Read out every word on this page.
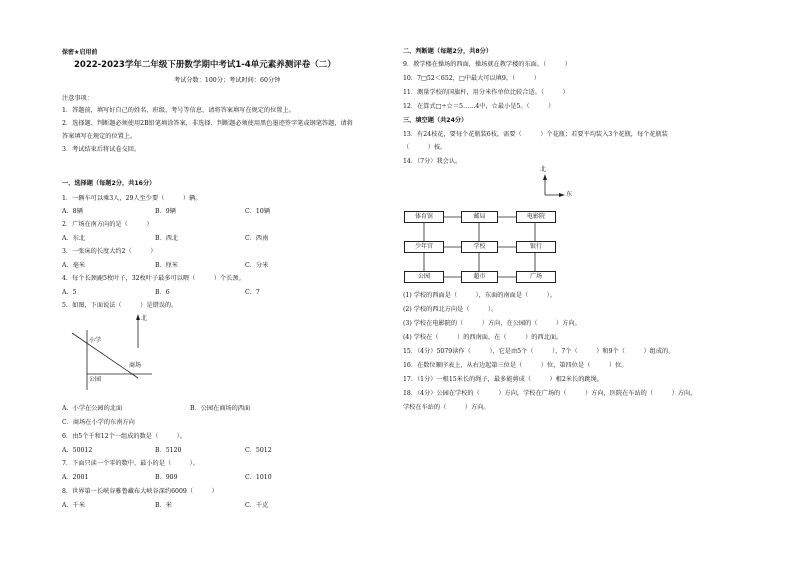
保密★启用前
2022-2023学年二年级下册数学期中考试1-4单元素养测评卷（二）
考试分数：100分；考试时间：60分钟
注意事项：
1．答题前，填写好自己的姓名、班级、考号等信息，请将答案填写在规定的位置上。
2．选择题、判断题必须使用2B铅笔填涂答案，非选择、判断题必须使用黑色墨迹签字笔或钢笔答题，请将
答案填写在规定的位置上。
3．考试结束后将试卷交回。
一、选择题（每题2分，共16分）
1．一辆车可以乘3人，29人至少要（　　　）辆。
A．8辆	B．9辆	C．10辆
2．广场在南方向的是（　　　）
A．东北	B．西北	C．西南
3．一张床的长度大约2（　　　）
A．毫米	B．厘米	C．分米
4．每个长颈鹿5枚叶子，32枚叶子最多可以喂（　　　）个长颈。
A．5	B．6	C．7
5．如图，下面说法（　　　）是错误的。
北
小学
公园
商场
A．小学在公园的北面	B．公园在商场的西面
C．商场在小学的东南方向
6．由5个千和12个一组成的数是（　　　）。
A．50012	B．5120	C．5012
7．下面只读一个零的数中，最小的是（　　　）。
A．2001	B．909	C．1010
8．世界第一长峡谷雅鲁藏布大峡谷深约6009（　　　）
A．千米	B．米	C．千克
二、判断题（每题2分，共8分）
9．教学楼在操场的西面，操场就在教学楼的东面。（　　　）
10．7□52＜652，□中最大可以填9。（　　　）
11．测量学校的国旗杆，用分米作单位比较合适。（　　　）
12．在算式□÷☆＝5……4中，☆最小是5。（　　　）
三、填空题（共24分）
13．有24枝花，要每个花瓶装6枝，需要（　　　）个花瓶；若要平均装入3个花瓶，每个花瓶装
（　　　）枝。
14．（7分）我会认。
北
东
体育馆	邮局	电影院
少年宫	学校	银行
公园	超市	广场
(1) 学校的西面是（　　　），东面的南面是（　　　）。
(2) 学校的西北方向是（　　　）。
(3) 学校在电影院的（　　　）方向，在公园的（　　　）方向。
(4) 学校在（　　　）的西南面，在（　　　）的西北面。
15．（4分）5079读作（　　　），它是由5个（　　　），7个（　　　）和9个（　　　）组成的。
16．在数位顺序表上，从右边起第三位是（　　　）位，第四位是（　　　）位。
17．（1分）一根15米长的绳子，最多能剪成（　　　）根2米长的跳绳。
18．（4分）公园在学校的（　　　）方向，学校在广场的（　　　）方向，医院在车站的（　　　）方向，
学校在车站的（　　　）方向。
